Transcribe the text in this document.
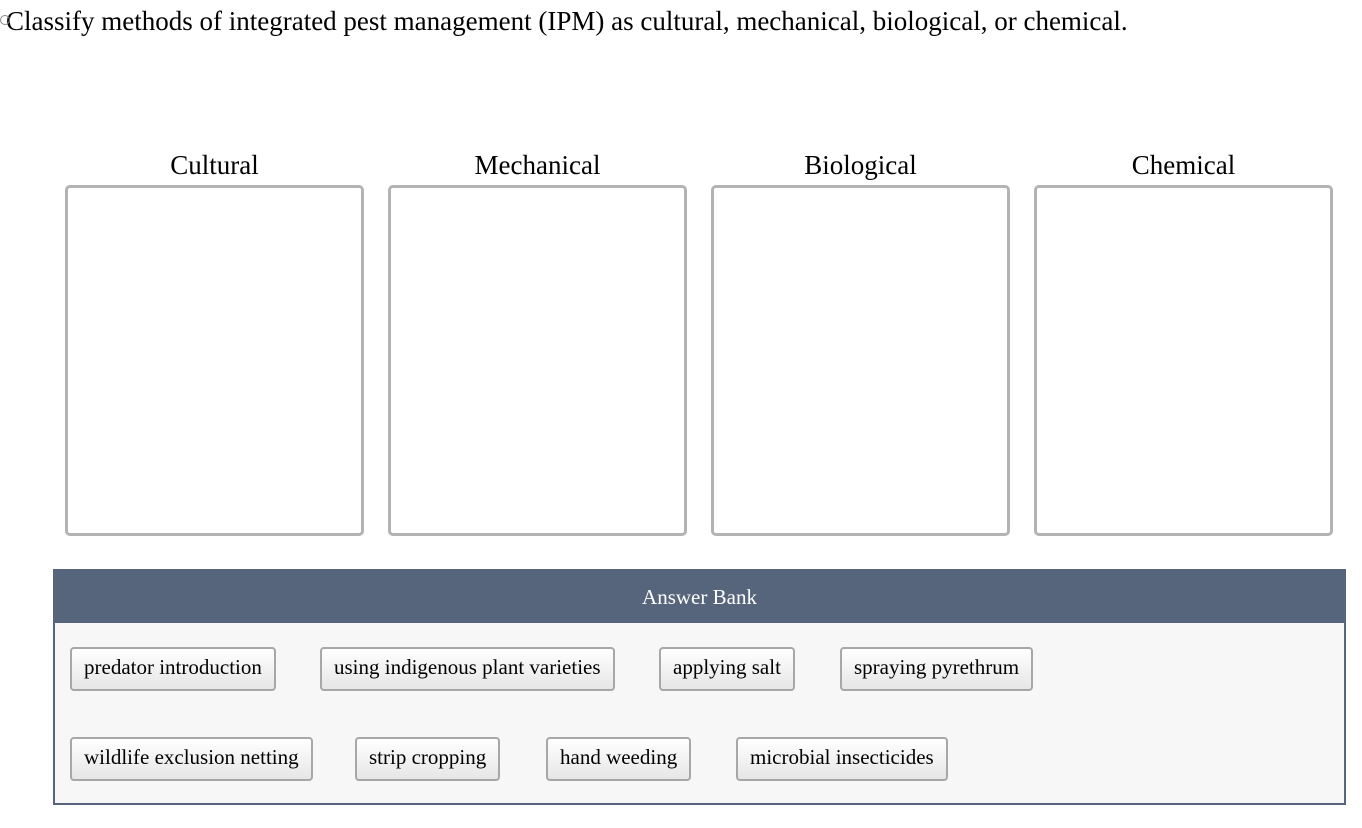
Classify methods of integrated pest management (IPM) as cultural, mechanical, biological, or chemical.
Cultural	Mechanical	Biological	Chemical
Answer Bank
predator introduction	using indigenous plant varieties	applying salt	spraying pyrethrum
wildlife exclusion netting	strip cropping	hand weeding	microbial insecticides
